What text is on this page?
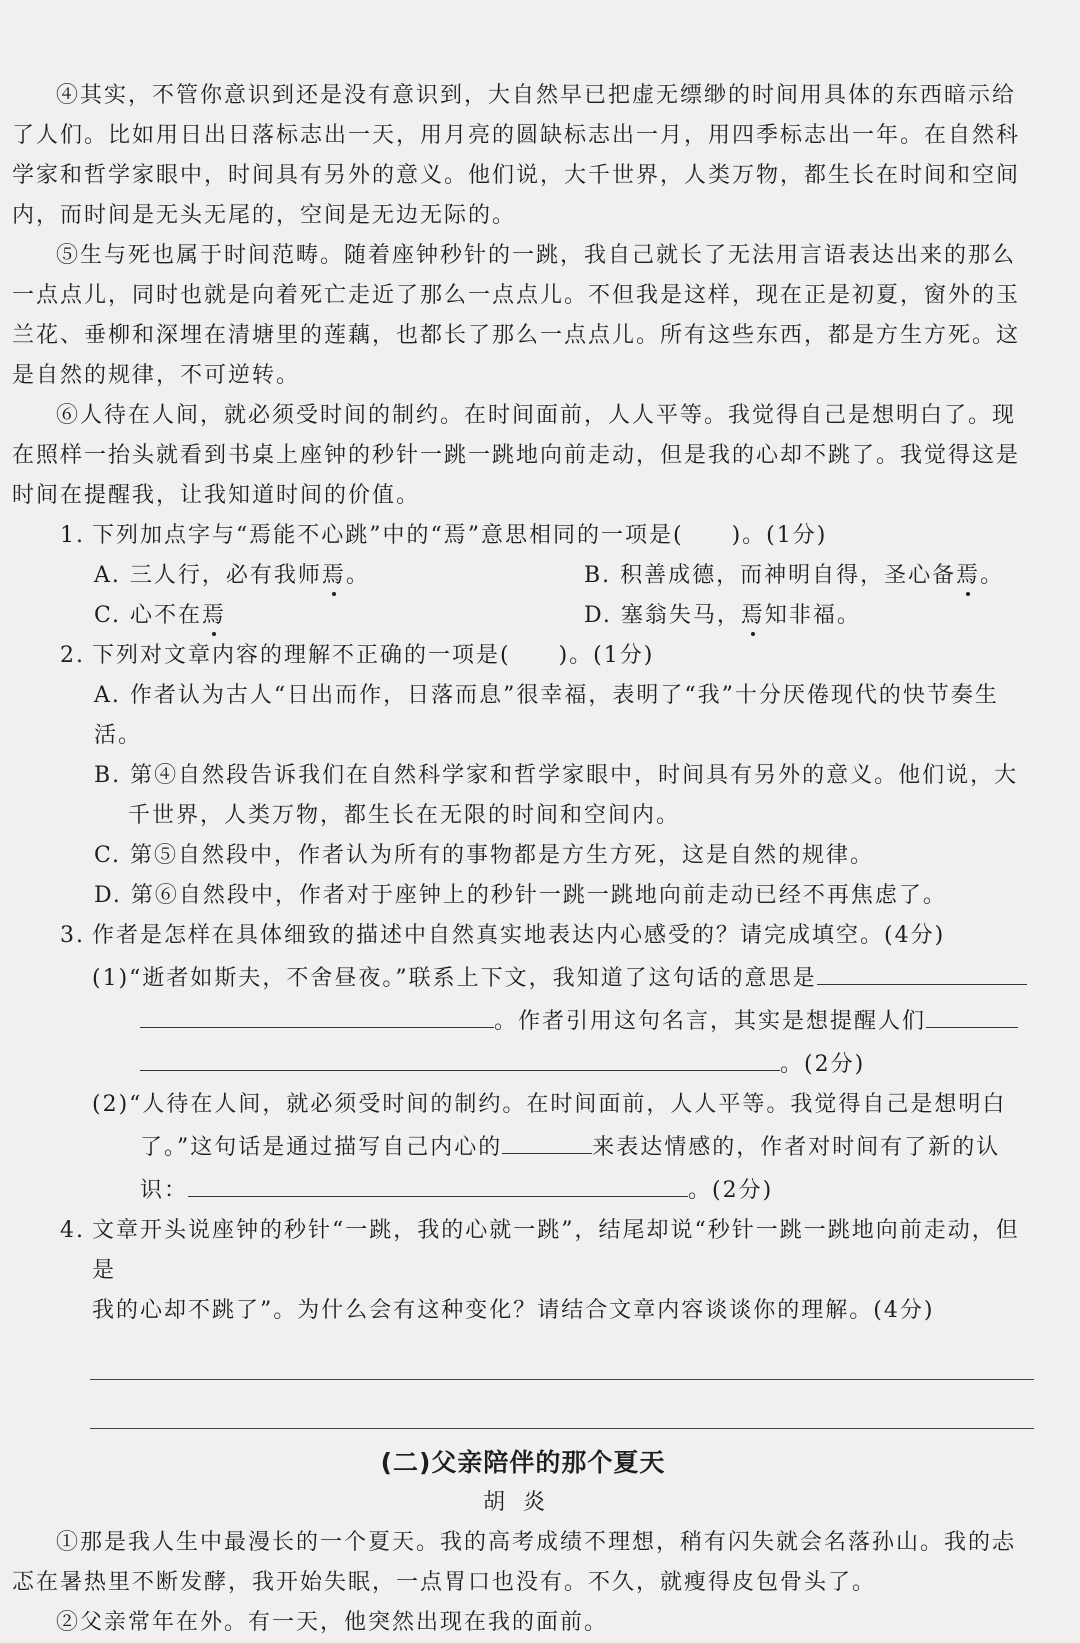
④其实，不管你意识到还是没有意识到，大自然早已把虚无缥缈的时间用具体的东西暗示给了人们。比如用日出日落标志出一天，用月亮的圆缺标志出一月，用四季标志出一年。在自然科学家和哲学家眼中，时间具有另外的意义。他们说，大千世界，人类万物，都生长在时间和空间内，而时间是无头无尾的，空间是无边无际的。

⑤生与死也属于时间范畴。随着座钟秒针的一跳，我自己就长了无法用言语表达出来的那么一点点儿，同时也就是向着死亡走近了那么一点点儿。不但我是这样，现在正是初夏，窗外的玉兰花、垂柳和深埋在清塘里的莲藕，也都长了那么一点点儿。所有这些东西，都是方生方死。这是自然的规律，不可逆转。

⑥人待在人间，就必须受时间的制约。在时间面前，人人平等。我觉得自己是想明白了。现在照样一抬头就看到书桌上座钟的秒针一跳一跳地向前走动，但是我的心却不跳了。我觉得这是时间在提醒我，让我知道时间的价值。

1. 下列加点字与“焉能不心跳”中的“焉”意思相同的一项是(　　)。(1分)
A. 三人行，必有我师焉。	B. 积善成德，而神明自得，圣心备焉。
C. 心不在焉	D. 塞翁失马，焉知非福。
2. 下列对文章内容的理解不正确的一项是(　　)。(1分)
A. 作者认为古人“日出而作，日落而息”很幸福，表明了“我”十分厌倦现代的快节奏生活。
B. 第④自然段告诉我们在自然科学家和哲学家眼中，时间具有另外的意义。他们说，大
千世界，人类万物，都生长在无限的时间和空间内。
C. 第⑤自然段中，作者认为所有的事物都是方生方死，这是自然的规律。
D. 第⑥自然段中，作者对于座钟上的秒针一跳一跳地向前走动已经不再焦虑了。
3. 作者是怎样在具体细致的描述中自然真实地表达内心感受的？请完成填空。(4分)
(1)“逝者如斯夫，不舍昼夜。”联系上下文，我知道了这句话的意思是
。作者引用这句名言，其实是想提醒人们
。(2分)
(2)“人待在人间，就必须受时间的制约。在时间面前，人人平等。我觉得自己是想明白
了。”这句话是通过描写自己内心的	来表达情感的，作者对时间有了新的认
识：	。(2分)
4. 文章开头说座钟的秒针“一跳，我的心就一跳”，结尾却说“秒针一跳一跳地向前走动，但是
我的心却不跳了”。为什么会有这种变化？请结合文章内容谈谈你的理解。(4分)
(二)父亲陪伴的那个夏天
胡炎

①那是我人生中最漫长的一个夏天。我的高考成绩不理想，稍有闪失就会名落孙山。我的忐忑在暑热里不断发酵，我开始失眠，一点胃口也没有。不久，就瘦得皮包骨头了。

②父亲常年在外。有一天，他突然出现在我的面前。
